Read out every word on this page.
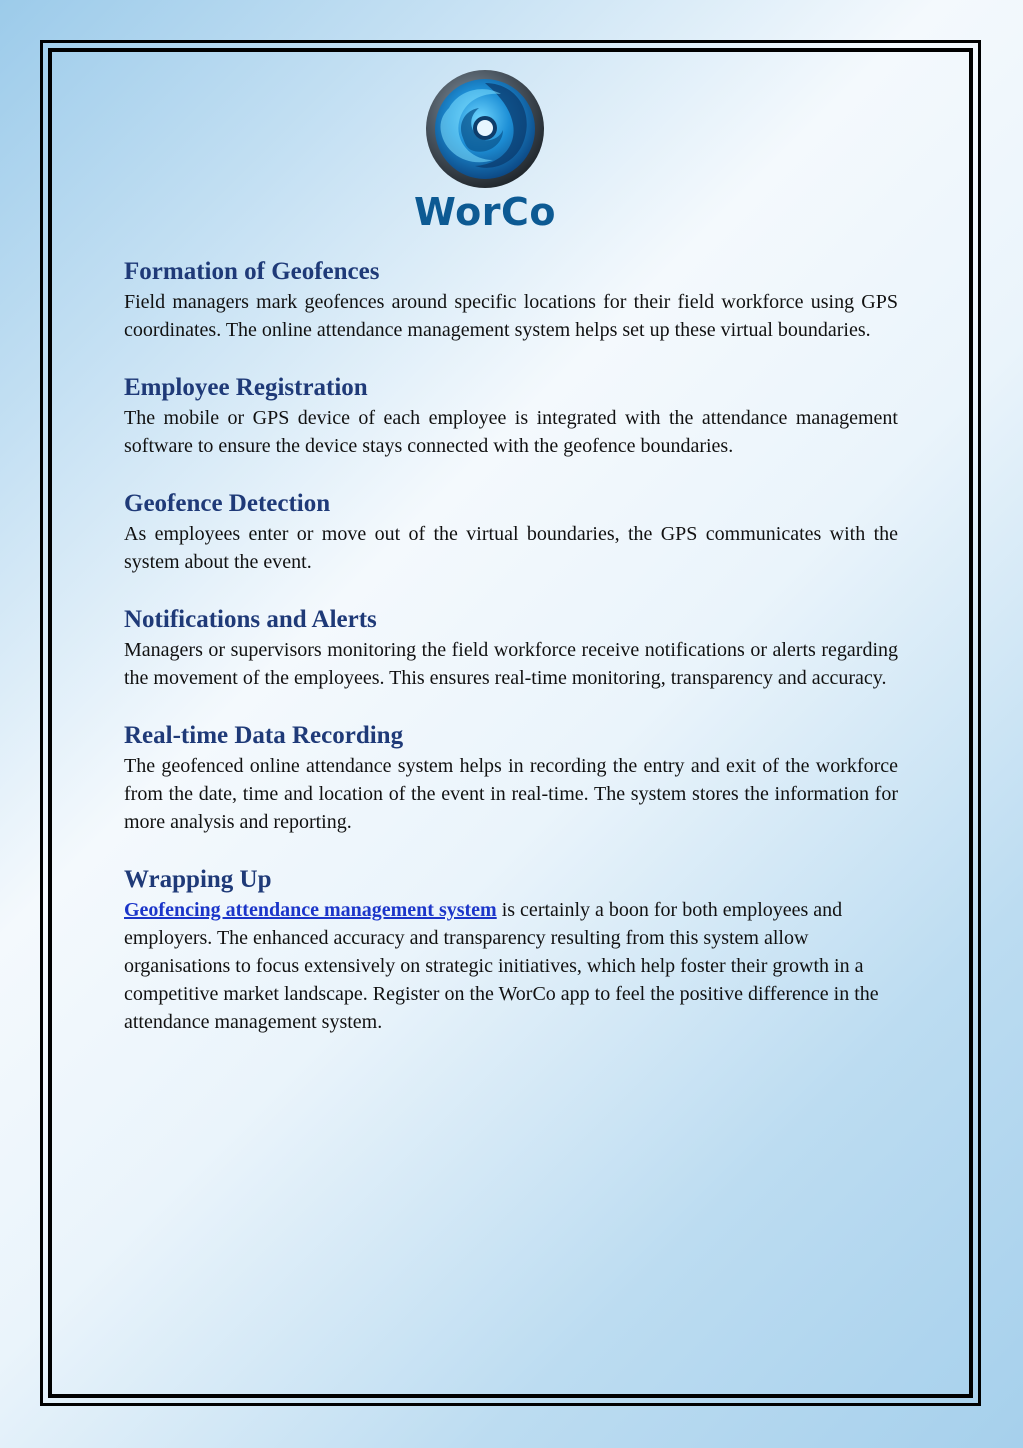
WorCo
Formation of Geofences

Field managers mark geofences around specific locations for their field workforce using GPS coordinates. The online attendance management system helps set up these virtual boundaries.

Employee Registration

The mobile or GPS device of each employee is integrated with the attendance management software to ensure the device stays connected with the geofence boundaries.

Geofence Detection

As employees enter or move out of the virtual boundaries, the GPS communicates with the system about the event.

Notifications and Alerts

Managers or supervisors monitoring the field workforce receive notifications or alerts regarding the movement of the employees. This ensures real-time monitoring, transparency and accuracy.

Real-time Data Recording

The geofenced online attendance system helps in recording the entry and exit of the workforce from the date, time and location of the event in real-time. The system stores the information for more analysis and reporting.

Wrapping Up

Geofencing attendance management system is certainly a boon for both employees and employers. The enhanced accuracy and transparency resulting from this system allow organisations to focus extensively on strategic initiatives, which help foster their growth in a competitive market landscape. Register on the WorCo app to feel the positive difference in the attendance management system.
